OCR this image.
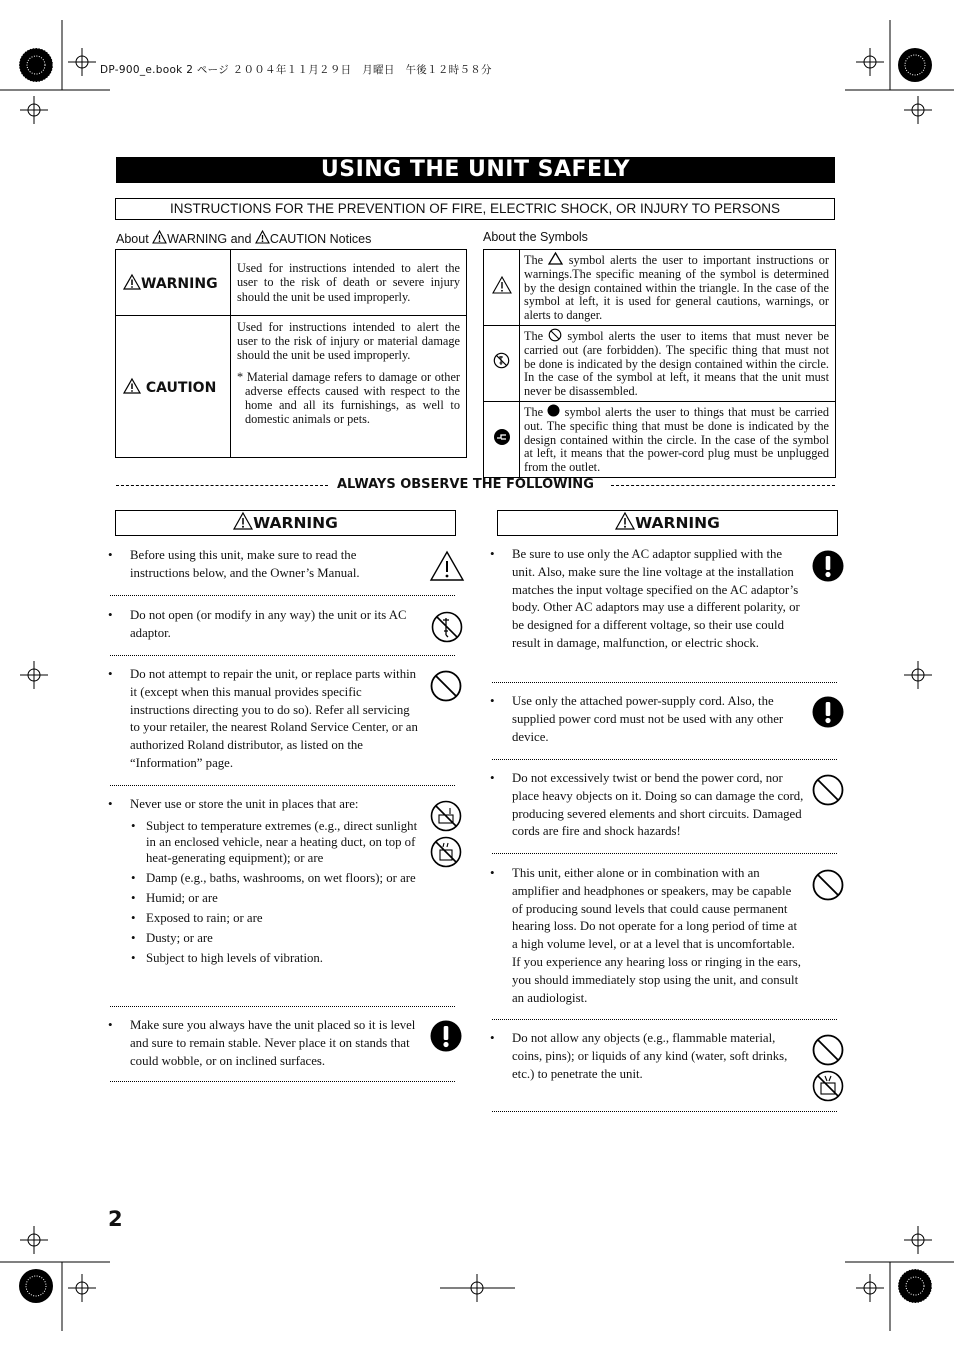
DP-900_e.book 2 ページ ２００４年１１月２９日　月曜日　午後１２時５８分
USING THE UNIT SAFELY
INSTRUCTIONS FOR THE PREVENTION OF FIRE, ELECTRIC SHOCK, OR INJURY TO PERSONS
About WARNING and CAUTION Notices
WARNING	Used for instructions intended to alert the user to the risk of death or severe injury should the unit be used improperly.

CAUTION	Used for instructions intended to alert the user to the risk of injury or material damage should the unit be used improperly.
* Material damage refers to damage or other adverse effects caused with respect to the home and all its furnishings, as well to domestic animals or pets.
About the Symbols

The symbol alerts the user to important instructions or warnings.The specific meaning of the symbol is determined by the design contained within the triangle. In the case of the symbol at left, it is used for general cautions, warnings, or alerts to danger.

The symbol alerts the user to items that must never be carried out (are forbidden). The specific thing that must not be done is indicated by the design contained within the circle. In the case of the symbol at left, it means that the unit must never be disassembled.

The symbol alerts the user to things that must be carried out. The specific thing that must be done is indicated by the design contained within the circle. In the case of the symbol at left, it means that the power-cord plug must be unplugged from the outlet.
ALWAYS OBSERVE THE FOLLOWING
WARNING	WARNING
• Before using this unit, make sure to read the instructions below, and the Owner’s Manual.
• Do not open (or modify in any way) the unit or its AC adaptor.
• Do not attempt to repair the unit, or replace parts within it (except when this manual provides specific instructions directing you to do so). Refer all servicing to your retailer, the nearest Roland Service Center, or an authorized Roland distributor, as listed on the “Information” page.
• Never use or store the unit in places that are:
• Subject to temperature extremes (e.g., direct sunlight in an enclosed vehicle, near a heating duct, on top of heat-generating equipment); or are
• Damp (e.g., baths, washrooms, on wet floors); or are
• Humid; or are
• Exposed to rain; or are
• Dusty; or are
• Subject to high levels of vibration.
• Make sure you always have the unit placed so it is level and sure to remain stable. Never place it on stands that could wobble, or on inclined surfaces.
• Be sure to use only the AC adaptor supplied with the unit. Also, make sure the line voltage at the installation matches the input voltage specified on the AC adaptor’s body. Other AC adaptors may use a different polarity, or be designed for a different voltage, so their use could result in damage, malfunction, or electric shock.
• Use only the attached power-supply cord. Also, the supplied power cord must not be used with any other device.
• Do not excessively twist or bend the power cord, nor place heavy objects on it. Doing so can damage the cord, producing severed elements and short circuits. Damaged cords are fire and shock hazards!
• This unit, either alone or in combination with an amplifier and headphones or speakers, may be capable of producing sound levels that could cause permanent hearing loss. Do not operate for a long period of time at a high volume level, or at a level that is uncomfortable. If you experience any hearing loss or ringing in the ears, you should immediately stop using the unit, and consult an audiologist.
• Do not allow any objects (e.g., flammable material, coins, pins); or liquids of any kind (water, soft drinks, etc.) to penetrate the unit.
2
